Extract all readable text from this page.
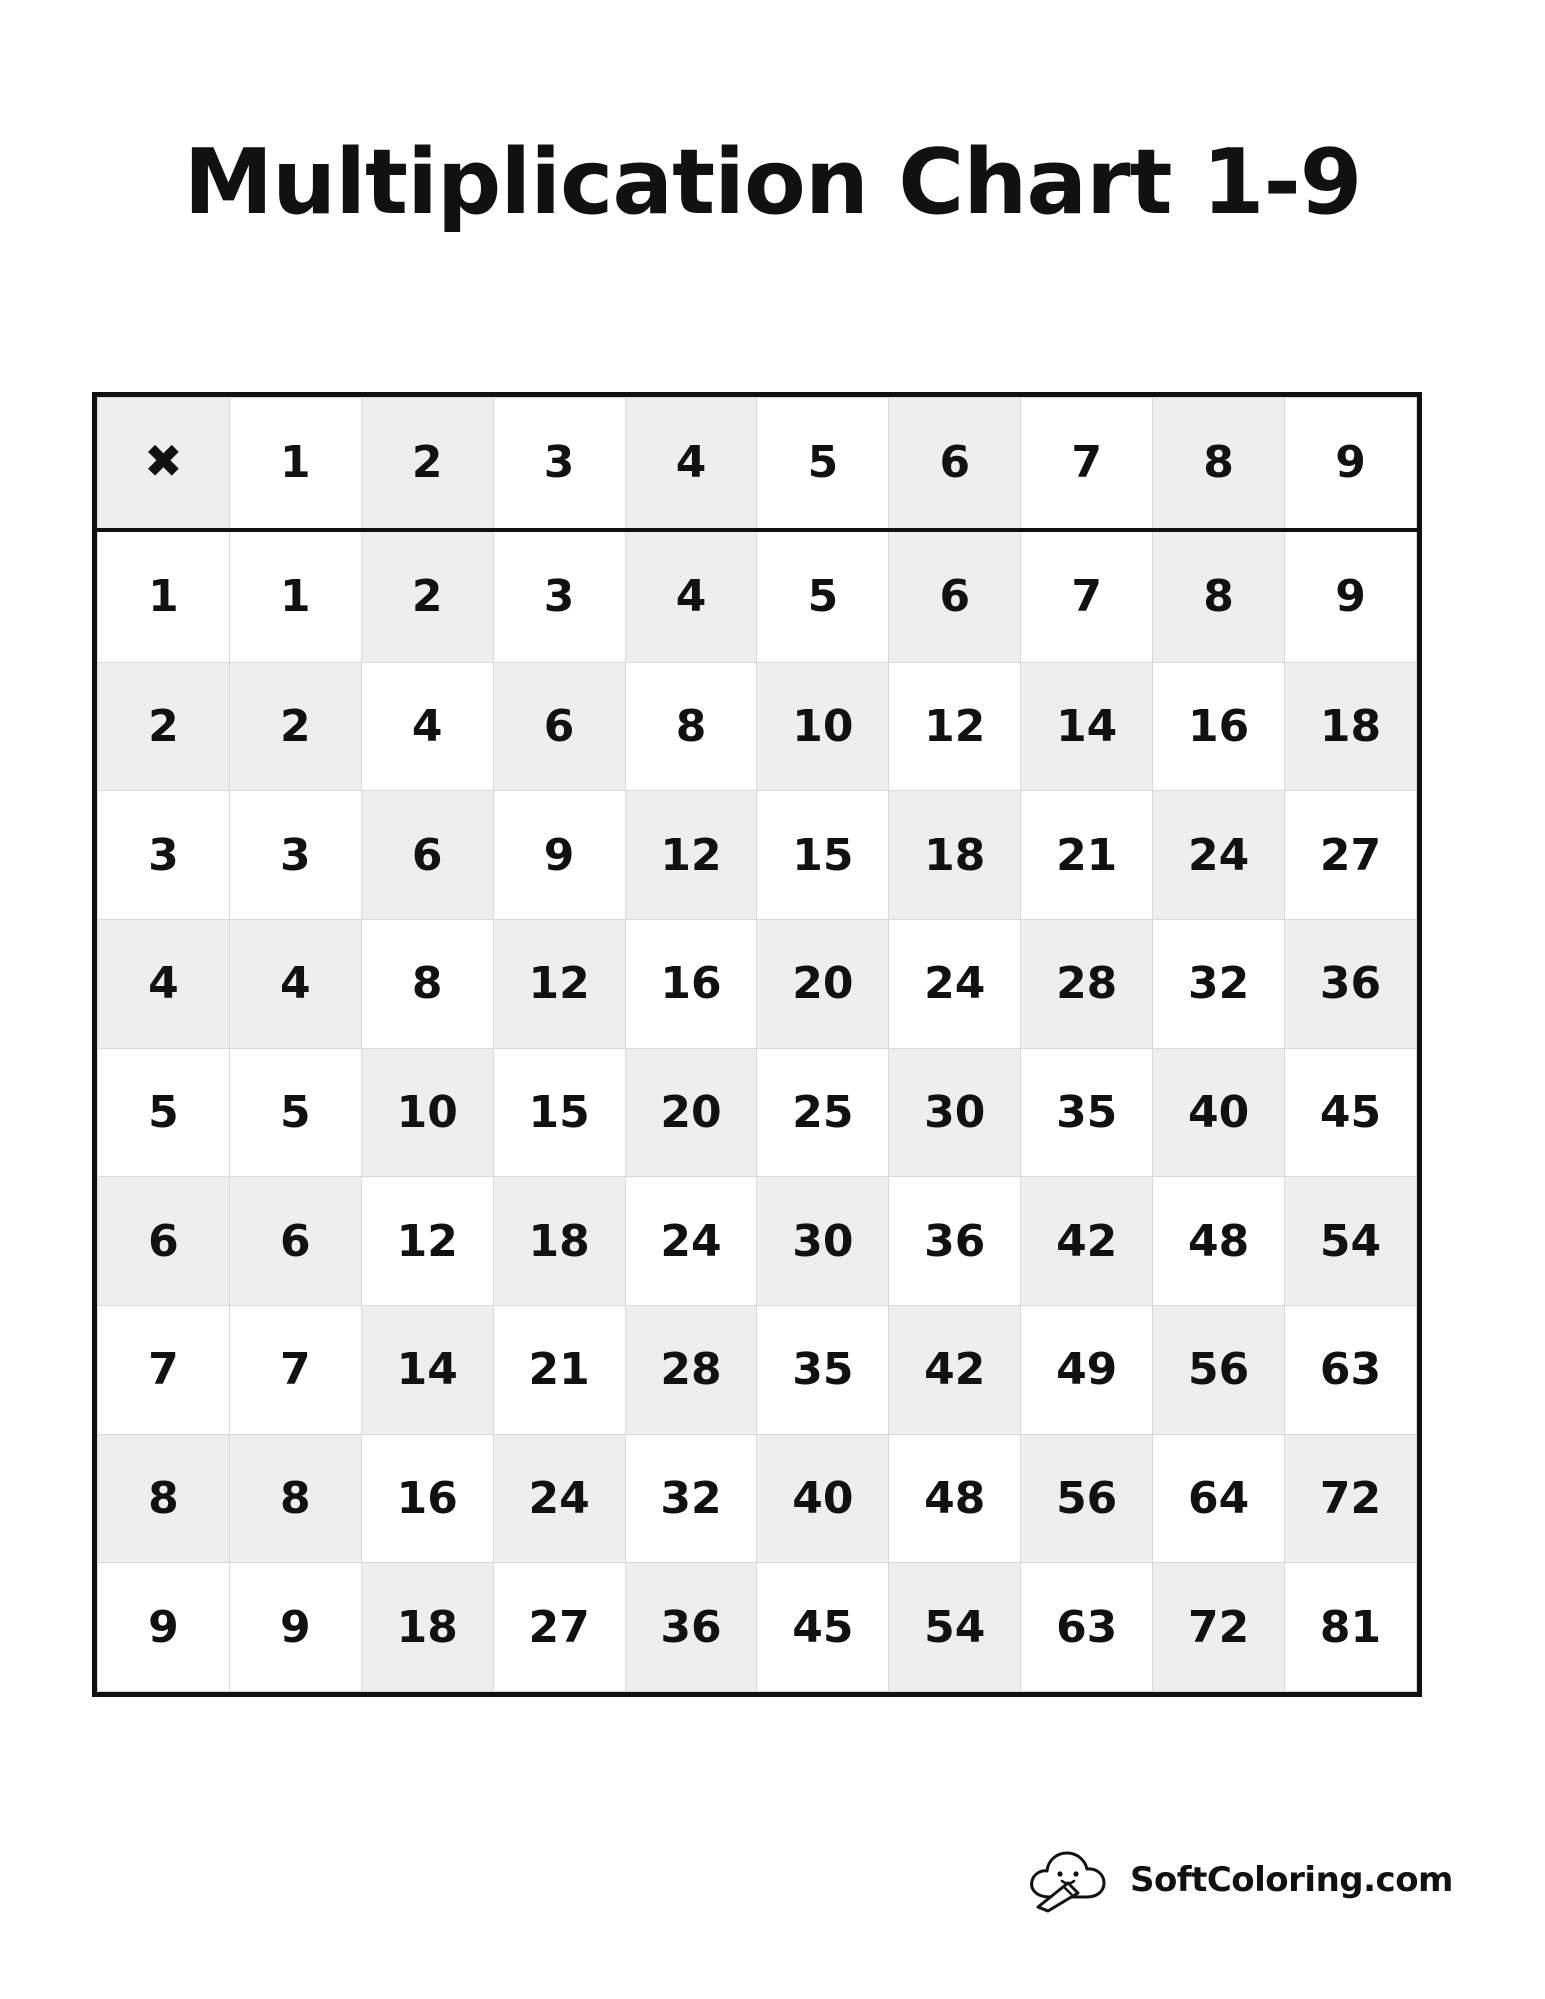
Multiplication Chart 1-9
✖	1	2	3	4	5	6	7	8	9
1	1	2	3	4	5	6	7	8	9
2	2	4	6	8	10	12	14	16	18
3	3	6	9	12	15	18	21	24	27
4	4	8	12	16	20	24	28	32	36
5	5	10	15	20	25	30	35	40	45
6	6	12	18	24	30	36	42	48	54
7	7	14	21	28	35	42	49	56	63
8	8	16	24	32	40	48	56	64	72
9	9	18	27	36	45	54	63	72	81
SoftColoring.com
